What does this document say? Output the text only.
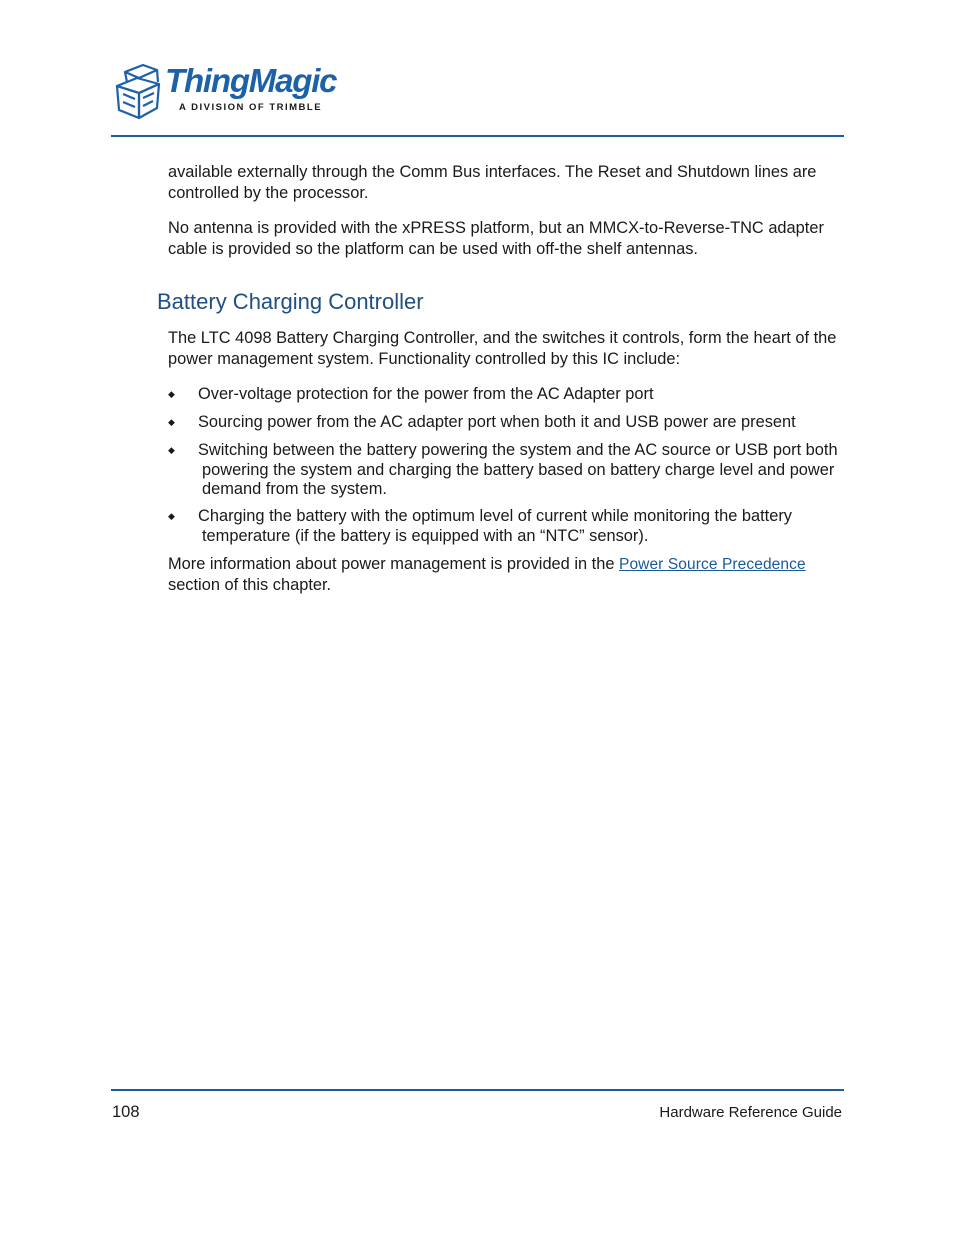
ThingMagic
A DIVISION OF TRIMBLE

available externally through the Comm Bus interfaces. The Reset and Shutdown lines are controlled by the processor.

No antenna is provided with the xPRESS platform, but an MMCX-to-Reverse-TNC adapter cable is provided so the platform can be used with off-the shelf antennas.

Battery Charging Controller

The LTC 4098 Battery Charging Controller, and the switches it controls, form the heart of the power management system. Functionality controlled by this IC include:

◆	Over-voltage protection for the power from the AC Adapter port
◆	Sourcing power from the AC adapter port when both it and USB power are present
◆	Switching between the battery powering the system and the AC source or USB port both powering the system and charging the battery based on battery charge level and power demand from the system.
◆	Charging the battery with the optimum level of current while monitoring the battery temperature (if the battery is equipped with an “NTC” sensor).

More information about power management is provided in the Power Source Precedence section of this chapter.

108	Hardware Reference Guide
